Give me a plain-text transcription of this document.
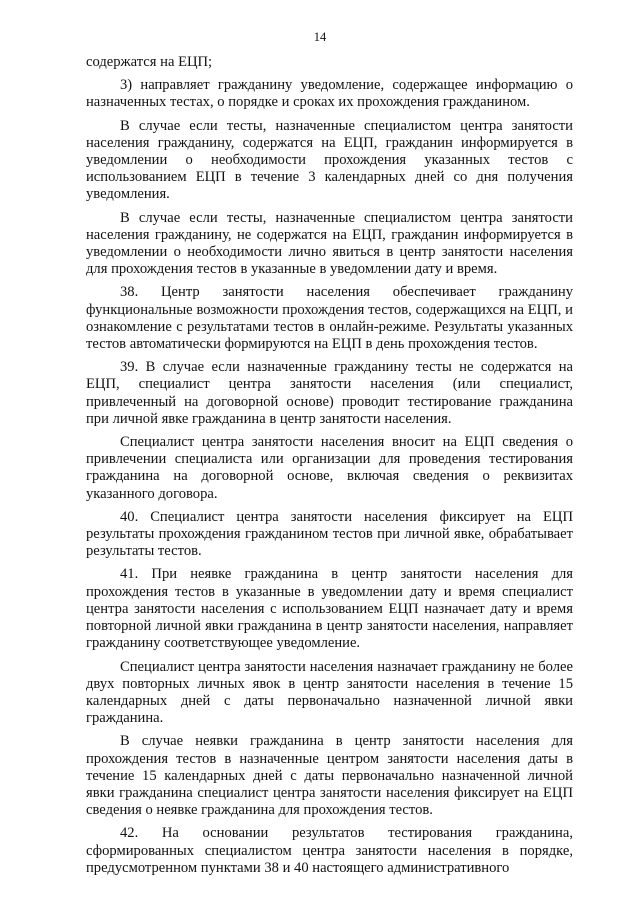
14

содержатся на ЕЦП;

3) направляет гражданину уведомление, содержащее информацию о назначенных тестах, о порядке и сроках их прохождения гражданином.

В случае если тесты, назначенные специалистом центра занятости населения гражданину, содержатся на ЕЦП, гражданин информируется в уведомлении о необходимости прохождения указанных тестов с использованием ЕЦП в течение 3 календарных дней со дня получения уведомления.

В случае если тесты, назначенные специалистом центра занятости населения гражданину, не содержатся на ЕЦП, гражданин информируется в уведомлении о необходимости лично явиться в центр занятости населения для прохождения тестов в указанные в уведомлении дату и время.

38. Центр занятости населения обеспечивает гражданину функциональные возможности прохождения тестов, содержащихся на ЕЦП, и ознакомление с результатами тестов в онлайн-режиме. Результаты указанных тестов автоматически формируются на ЕЦП в день прохождения тестов.

39. В случае если назначенные гражданину тесты не содержатся на ЕЦП, специалист центра занятости населения (или специалист, привлеченный на договорной основе) проводит тестирование гражданина при личной явке гражданина в центр занятости населения.

Специалист центра занятости населения вносит на ЕЦП сведения о привлечении специалиста или организации для проведения тестирования гражданина на договорной основе, включая сведения о реквизитах указанного договора.

40. Специалист центра занятости населения фиксирует на ЕЦП результаты прохождения гражданином тестов при личной явке, обрабатывает результаты тестов.

41. При неявке гражданина в центр занятости населения для прохождения тестов в указанные в уведомлении дату и время специалист центра занятости населения с использованием ЕЦП назначает дату и время повторной личной явки гражданина в центр занятости населения, направляет гражданину соответствующее уведомление.

Специалист центра занятости населения назначает гражданину не более двух повторных личных явок в центр занятости населения в течение 15 календарных дней с даты первоначально назначенной личной явки гражданина.

В случае неявки гражданина в центр занятости населения для прохождения тестов в назначенные центром занятости населения даты в течение 15 календарных дней с даты первоначально назначенной личной явки гражданина специалист центра занятости населения фиксирует на ЕЦП сведения о неявке гражданина для прохождения тестов.

42. На основании результатов тестирования гражданина, сформированных специалистом центра занятости населения в порядке, предусмотренном пунктами 38 и 40 настоящего административного
